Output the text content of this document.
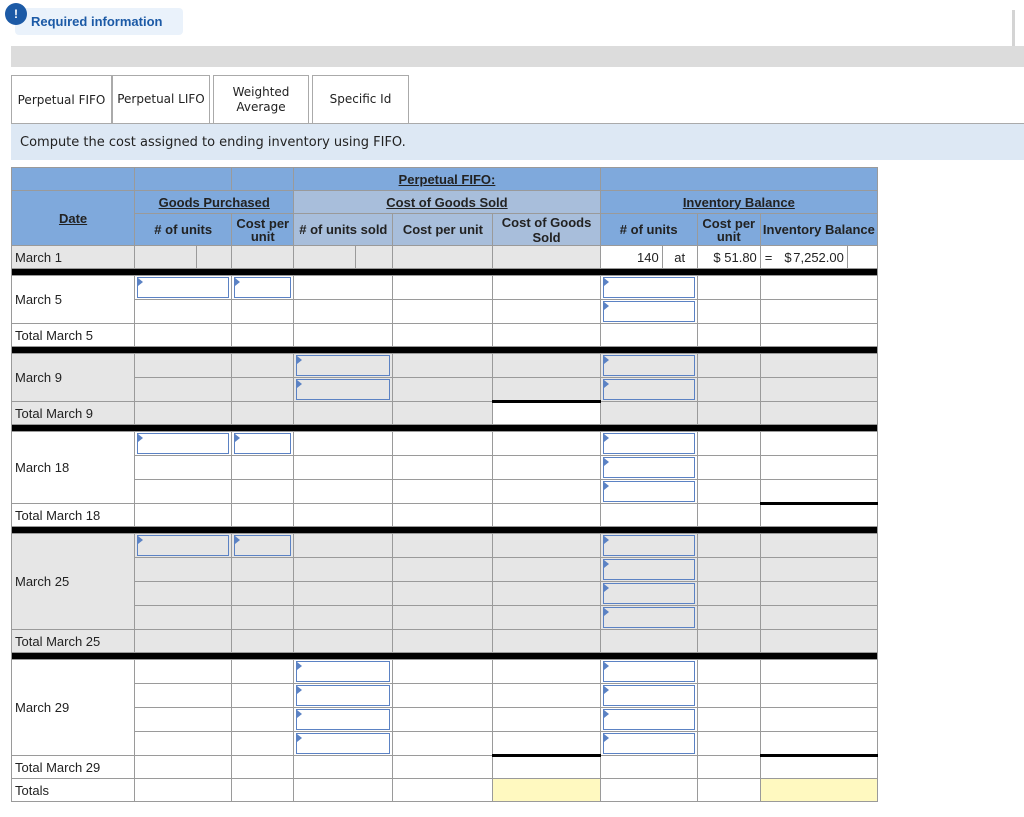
!	Required information
Perpetual FIFO Perpetual LIFO
Weighted Average
Specific Id
Compute the cost assigned to ending inventory using FIFO.
				Perpetual FIFO:								
Date	Goods Purchased			Cost of Goods Sold				Inventory Balance				
	# of units		Cost per unit	# of units sold		Cost per unit	Cost of Goods Sold	# of units		Cost per unit	Inventory Balance	
March 1								140	at	$ 51.80	= $ 7,252.00	

March 5					

Total March 5												

March 9							

Total March 9												

March 18					

Total March 18												

March 25					

Total March 25												

March 29							

Total March 29												
Totals												
